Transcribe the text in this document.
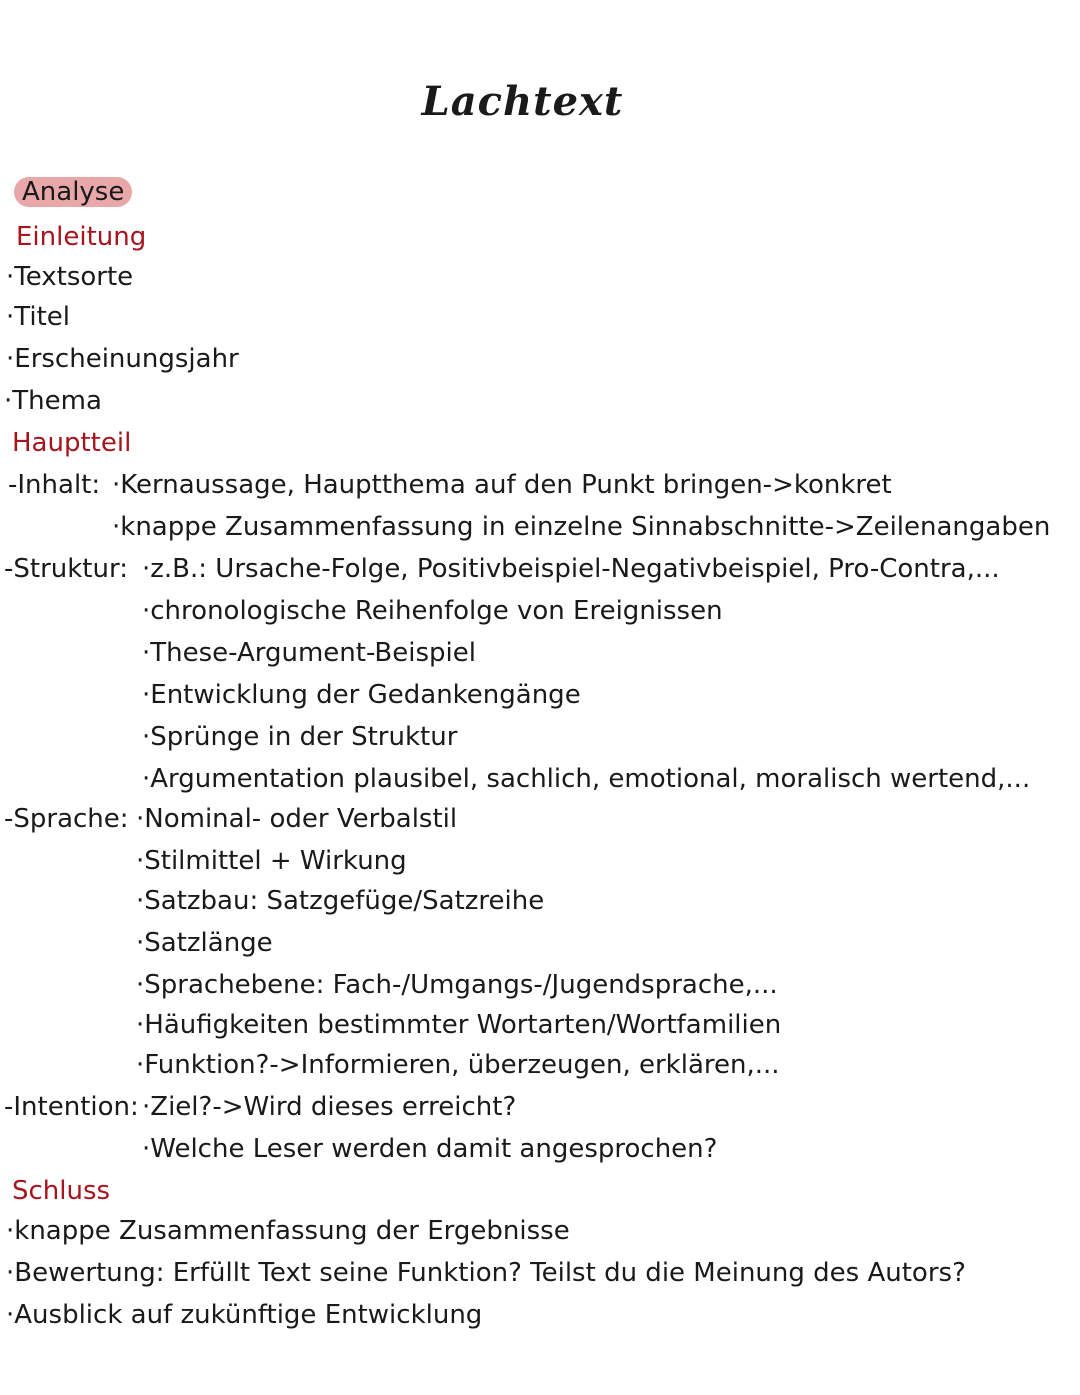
Lachtext
Analyse
Einleitung
·Textsorte
·Titel
·Erscheinungsjahr
·Thema
Hauptteil
-Inhalt: ·Kernaussage, Hauptthema auf den Punkt bringen->konkret
·knappe Zusammenfassung in einzelne Sinnabschnitte->Zeilenangaben
-Struktur: ·z.B.: Ursache-Folge, Positivbeispiel-Negativbeispiel, Pro-Contra,...
·chronologische Reihenfolge von Ereignissen
·These-Argument-Beispiel
·Entwicklung der Gedankengänge
·Sprünge in der Struktur
·Argumentation plausibel, sachlich, emotional, moralisch wertend,...
-Sprache: ·Nominal- oder Verbalstil
·Stilmittel + Wirkung
·Satzbau: Satzgefüge/Satzreihe
·Satzlänge
·Sprachebene: Fach-/Umgangs-/Jugendsprache,...
·Häufigkeiten bestimmter Wortarten/Wortfamilien
·Funktion?->Informieren, überzeugen, erklären,...
-Intention: ·Ziel?->Wird dieses erreicht?
·Welche Leser werden damit angesprochen?
Schluss
·knappe Zusammenfassung der Ergebnisse
·Bewertung: Erfüllt Text seine Funktion? Teilst du die Meinung des Autors?
·Ausblick auf zukünftige Entwicklung
